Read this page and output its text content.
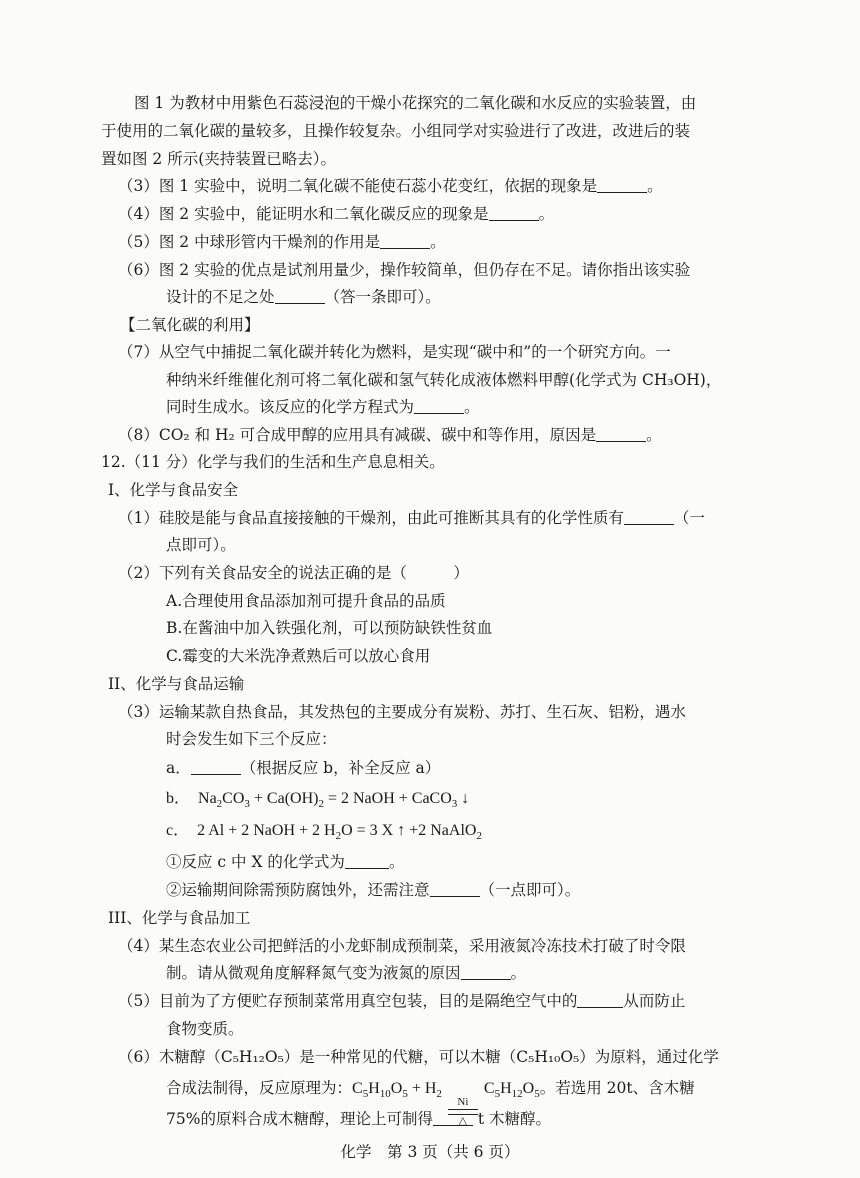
图 1 为教材中用紫色石蕊浸泡的干燥小花探究的二氧化碳和水反应的实验装置，由
于使用的二氧化碳的量较多，且操作较复杂。小组同学对实验进行了改进，改进后的装
置如图 2 所示(夹持装置已略去）。
（3）图 1 实验中，说明二氧化碳不能使石蕊小花变红，依据的现象是	。
（4）图 2 实验中，能证明水和二氧化碳反应的现象是	。
（5）图 2 中球形管内干燥剂的作用是	。
（6）图 2 实验的优点是试剂用量少，操作较简单，但仍存在不足。请你指出该实验
设计的不足之处	（答一条即可）。
【二氧化碳的利用】
（7）从空气中捕捉二氧化碳并转化为燃料，是实现“碳中和”的一个研究方向。一
种纳米纤维催化剂可将二氧化碳和氢气转化成液体燃料甲醇(化学式为 CH₃OH)，
同时生成水。该反应的化学方程式为	。
（8）CO₂ 和 H₂ 可合成甲醇的应用具有减碳、碳中和等作用，原因是	。
12.（11 分）化学与我们的生活和生产息息相关。
I、化学与食品安全
（1）硅胶是能与食品直接接触的干燥剂，由此可推断其具有的化学性质有	（一
点即可）。
（2）下列有关食品安全的说法正确的是（　　　）
A.合理使用食品添加剂可提升食品的品质
B.在酱油中加入铁强化剂，可以预防缺铁性贫血
C.霉变的大米洗净煮熟后可以放心食用
II、化学与食品运输
（3）运输某款自热食品，其发热包的主要成分有炭粉、苏打、生石灰、铝粉，遇水
时会发生如下三个反应：
a．	（根据反应 b，补全反应 a）
b．  $Na_2CO_3 + Ca(OH)_2 = 2$ NaOH + CaCO$_3$ ↓
c．  2 Al + 2 NaOH + 2 $H_2O = 3$ X ↑ +2 NaAlO$_2$
①反应 c 中 X 的化学式为	。
②运输期间除需预防腐蚀外，还需注意	（一点即可）。
III、化学与食品加工
（4）某生态农业公司把鲜活的小龙虾制成预制菜，采用液氮冷冻技术打破了时令限
制。请从微观角度解释氮气变为液氮的原因	。
（5）目前为了方便贮存预制菜常用真空包装，目的是隔绝空气中的	从而防止
食物变质。
（6）木糖醇（C₅H₁₂O₅）是一种常见的代糖，可以木糖（C₅H₁₀O₅）为原料，通过化学
合成法制得，反应原理为：$C_5H_{10}O_5 + H_2$
Ni
△
$C_5H_{12}O_5$。若选用 20t、含木糖
75%的原料合成木糖醇，理论上可制得	t 木糖醇。
化学　第 3 页（共 6 页）
